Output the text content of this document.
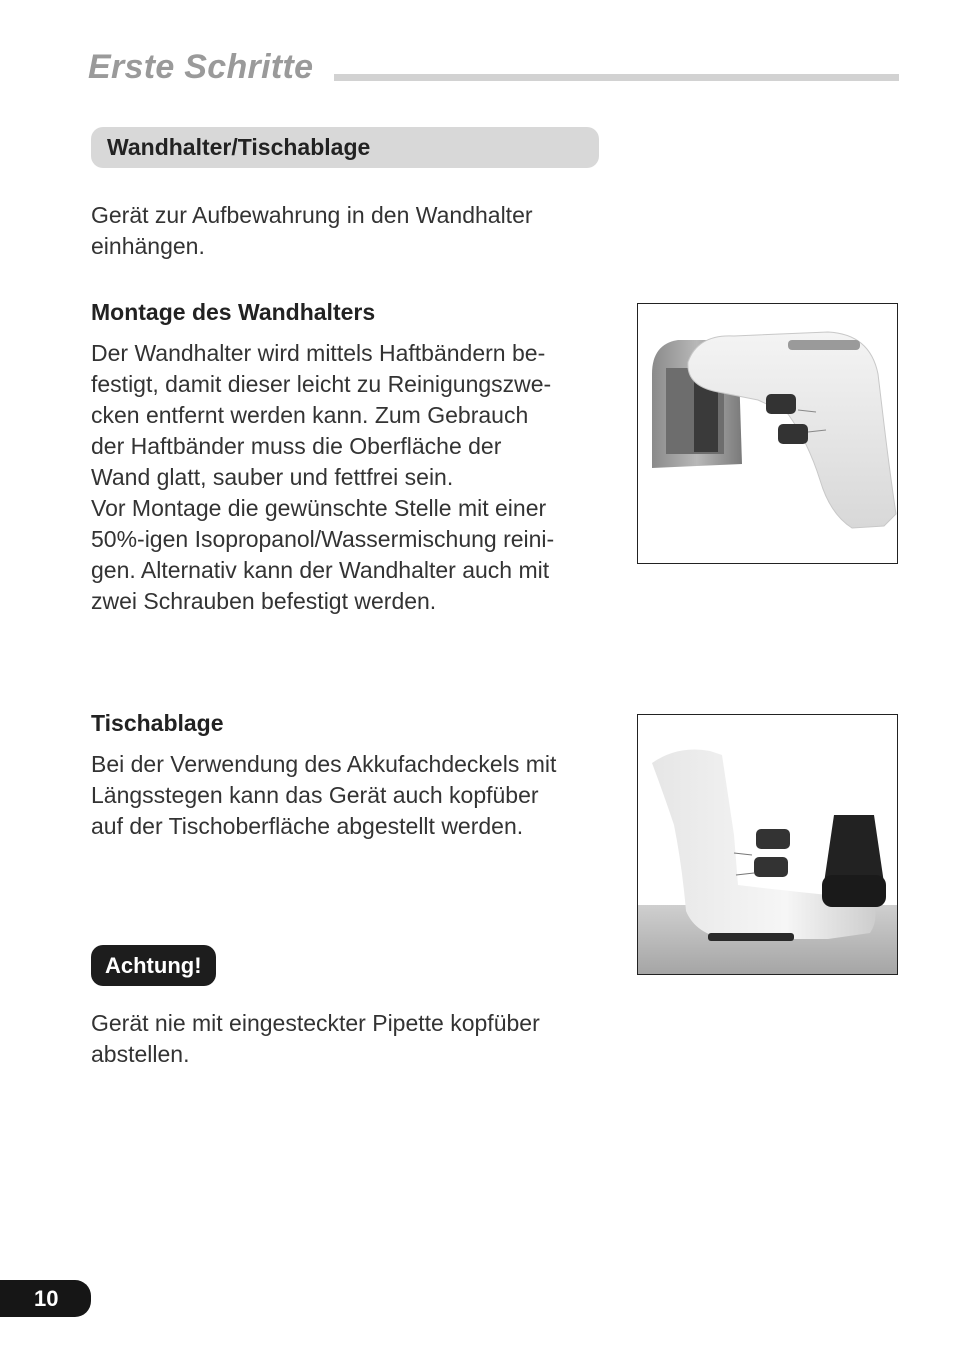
Erste Schritte
Wandhalter/Tischablage

Gerät zur Aufbewahrung in den Wandhalter
einhängen.

Montage des Wandhalters

Der Wandhalter wird mittels Haftbändern be-
festigt, damit dieser leicht zu Reinigungszwe-
cken entfernt werden kann. Zum Gebrauch
der Haftbänder muss die Oberfläche der
Wand glatt, sauber und fettfrei sein.
Vor Montage die gewünschte Stelle mit einer
50%-igen Isopropanol/Wassermischung reini-
gen. Alternativ kann der Wandhalter auch mit
zwei Schrauben befestigt werden.

Tischablage

Bei der Verwendung des Akkufachdeckels mit
Längsstegen kann das Gerät auch kopfüber
auf der Tischoberfläche abgestellt werden.

Achtung!

Gerät nie mit eingesteckter Pipette kopfüber
abstellen.

10
